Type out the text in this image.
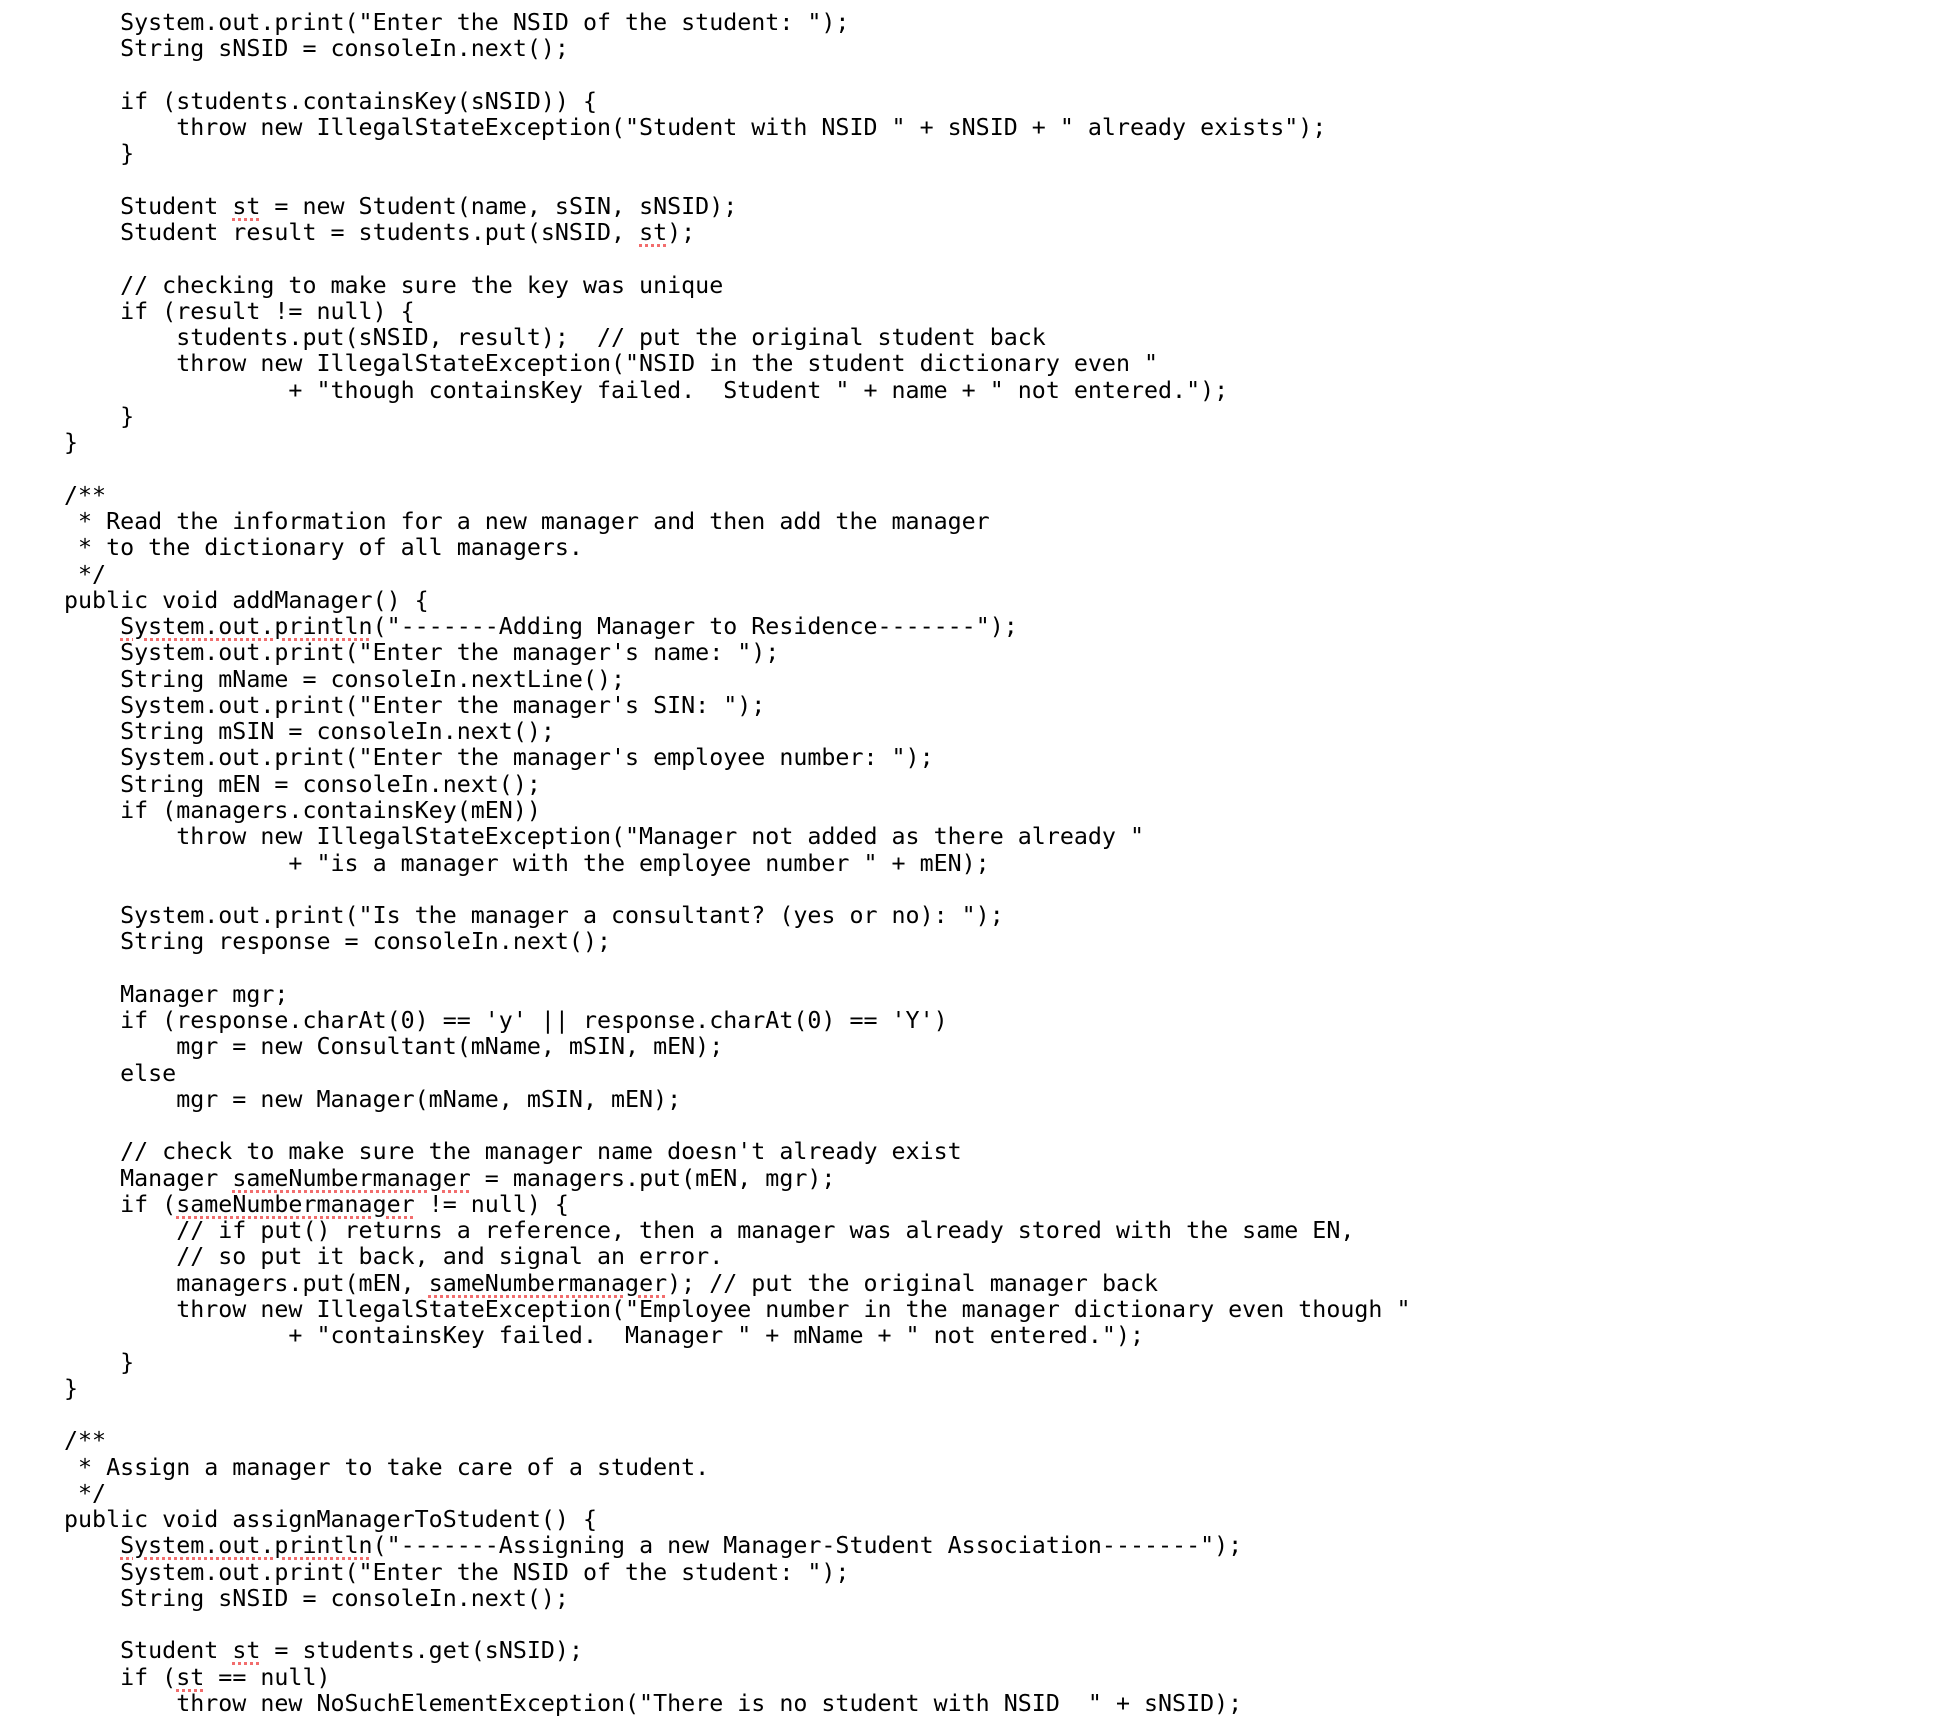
System.out.print("Enter the NSID of the student: ");
String sNSID = consoleIn.next();
if (students.containsKey(sNSID)) {
throw new IllegalStateException("Student with NSID " + sNSID + " already exists");
}
Student st = new Student(name, sSIN, sNSID);
Student result = students.put(sNSID, st);
// checking to make sure the key was unique
if (result != null) {
students.put(sNSID, result);  // put the original student back
throw new IllegalStateException("NSID in the student dictionary even "
+ "though containsKey failed.  Student " + name + " not entered.");
}
}
/**
* Read the information for a new manager and then add the manager
* to the dictionary of all managers.
*/
public void addManager() {
System.out.println("-------Adding Manager to Residence-------");
System.out.print("Enter the manager's name: ");
String mName = consoleIn.nextLine();
System.out.print("Enter the manager's SIN: ");
String mSIN = consoleIn.next();
System.out.print("Enter the manager's employee number: ");
String mEN = consoleIn.next();
if (managers.containsKey(mEN))
throw new IllegalStateException("Manager not added as there already "
+ "is a manager with the employee number " + mEN);
System.out.print("Is the manager a consultant? (yes or no): ");
String response = consoleIn.next();
Manager mgr;
if (response.charAt(0) == 'y' || response.charAt(0) == 'Y')
mgr = new Consultant(mName, mSIN, mEN);
else
mgr = new Manager(mName, mSIN, mEN);
// check to make sure the manager name doesn't already exist
Manager sameNumbermanager = managers.put(mEN, mgr);
if (sameNumbermanager != null) {
// if put() returns a reference, then a manager was already stored with the same EN,
// so put it back, and signal an error.
managers.put(mEN, sameNumbermanager); // put the original manager back
throw new IllegalStateException("Employee number in the manager dictionary even though "
+ "containsKey failed.  Manager " + mName + " not entered.");
}
}
/**
* Assign a manager to take care of a student.
*/
public void assignManagerToStudent() {
System.out.println("-------Assigning a new Manager-Student Association-------");
System.out.print("Enter the NSID of the student: ");
String sNSID = consoleIn.next();
Student st = students.get(sNSID);
if (st == null)
throw new NoSuchElementException("There is no student with NSID  " + sNSID);
